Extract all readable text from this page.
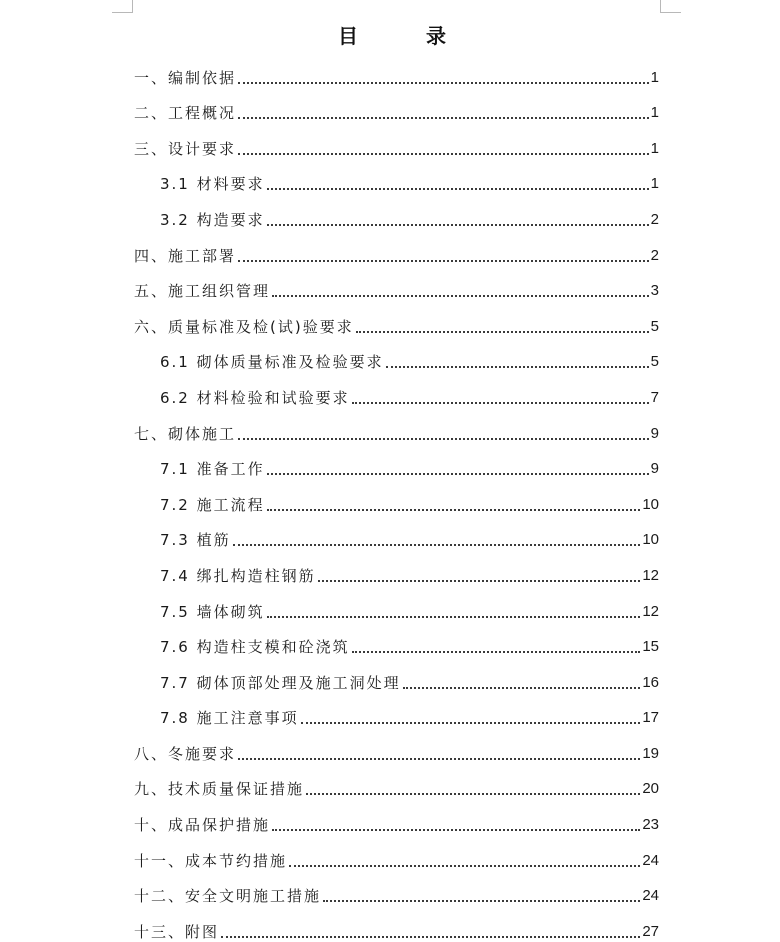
目　录
一、编制依据	1
二、工程概况	1
三、设计要求	1
3.1 材料要求	1
3.2 构造要求	2
四、施工部署	2
五、施工组织管理	3
六、质量标准及检(试)验要求	5
6.1 砌体质量标准及检验要求	5
6.2 材料检验和试验要求	7
七、砌体施工	9
7.1 准备工作	9
7.2 施工流程	10
7.3 植筋	10
7.4 绑扎构造柱钢筋	12
7.5 墙体砌筑	12
7.6 构造柱支模和砼浇筑	15
7.7 砌体顶部处理及施工洞处理	16
7.8 施工注意事项	17
八、冬施要求	19
九、技术质量保证措施	20
十、成品保护措施	23
十一、成本节约措施	24
十二、安全文明施工措施	24
十三、附图	27
